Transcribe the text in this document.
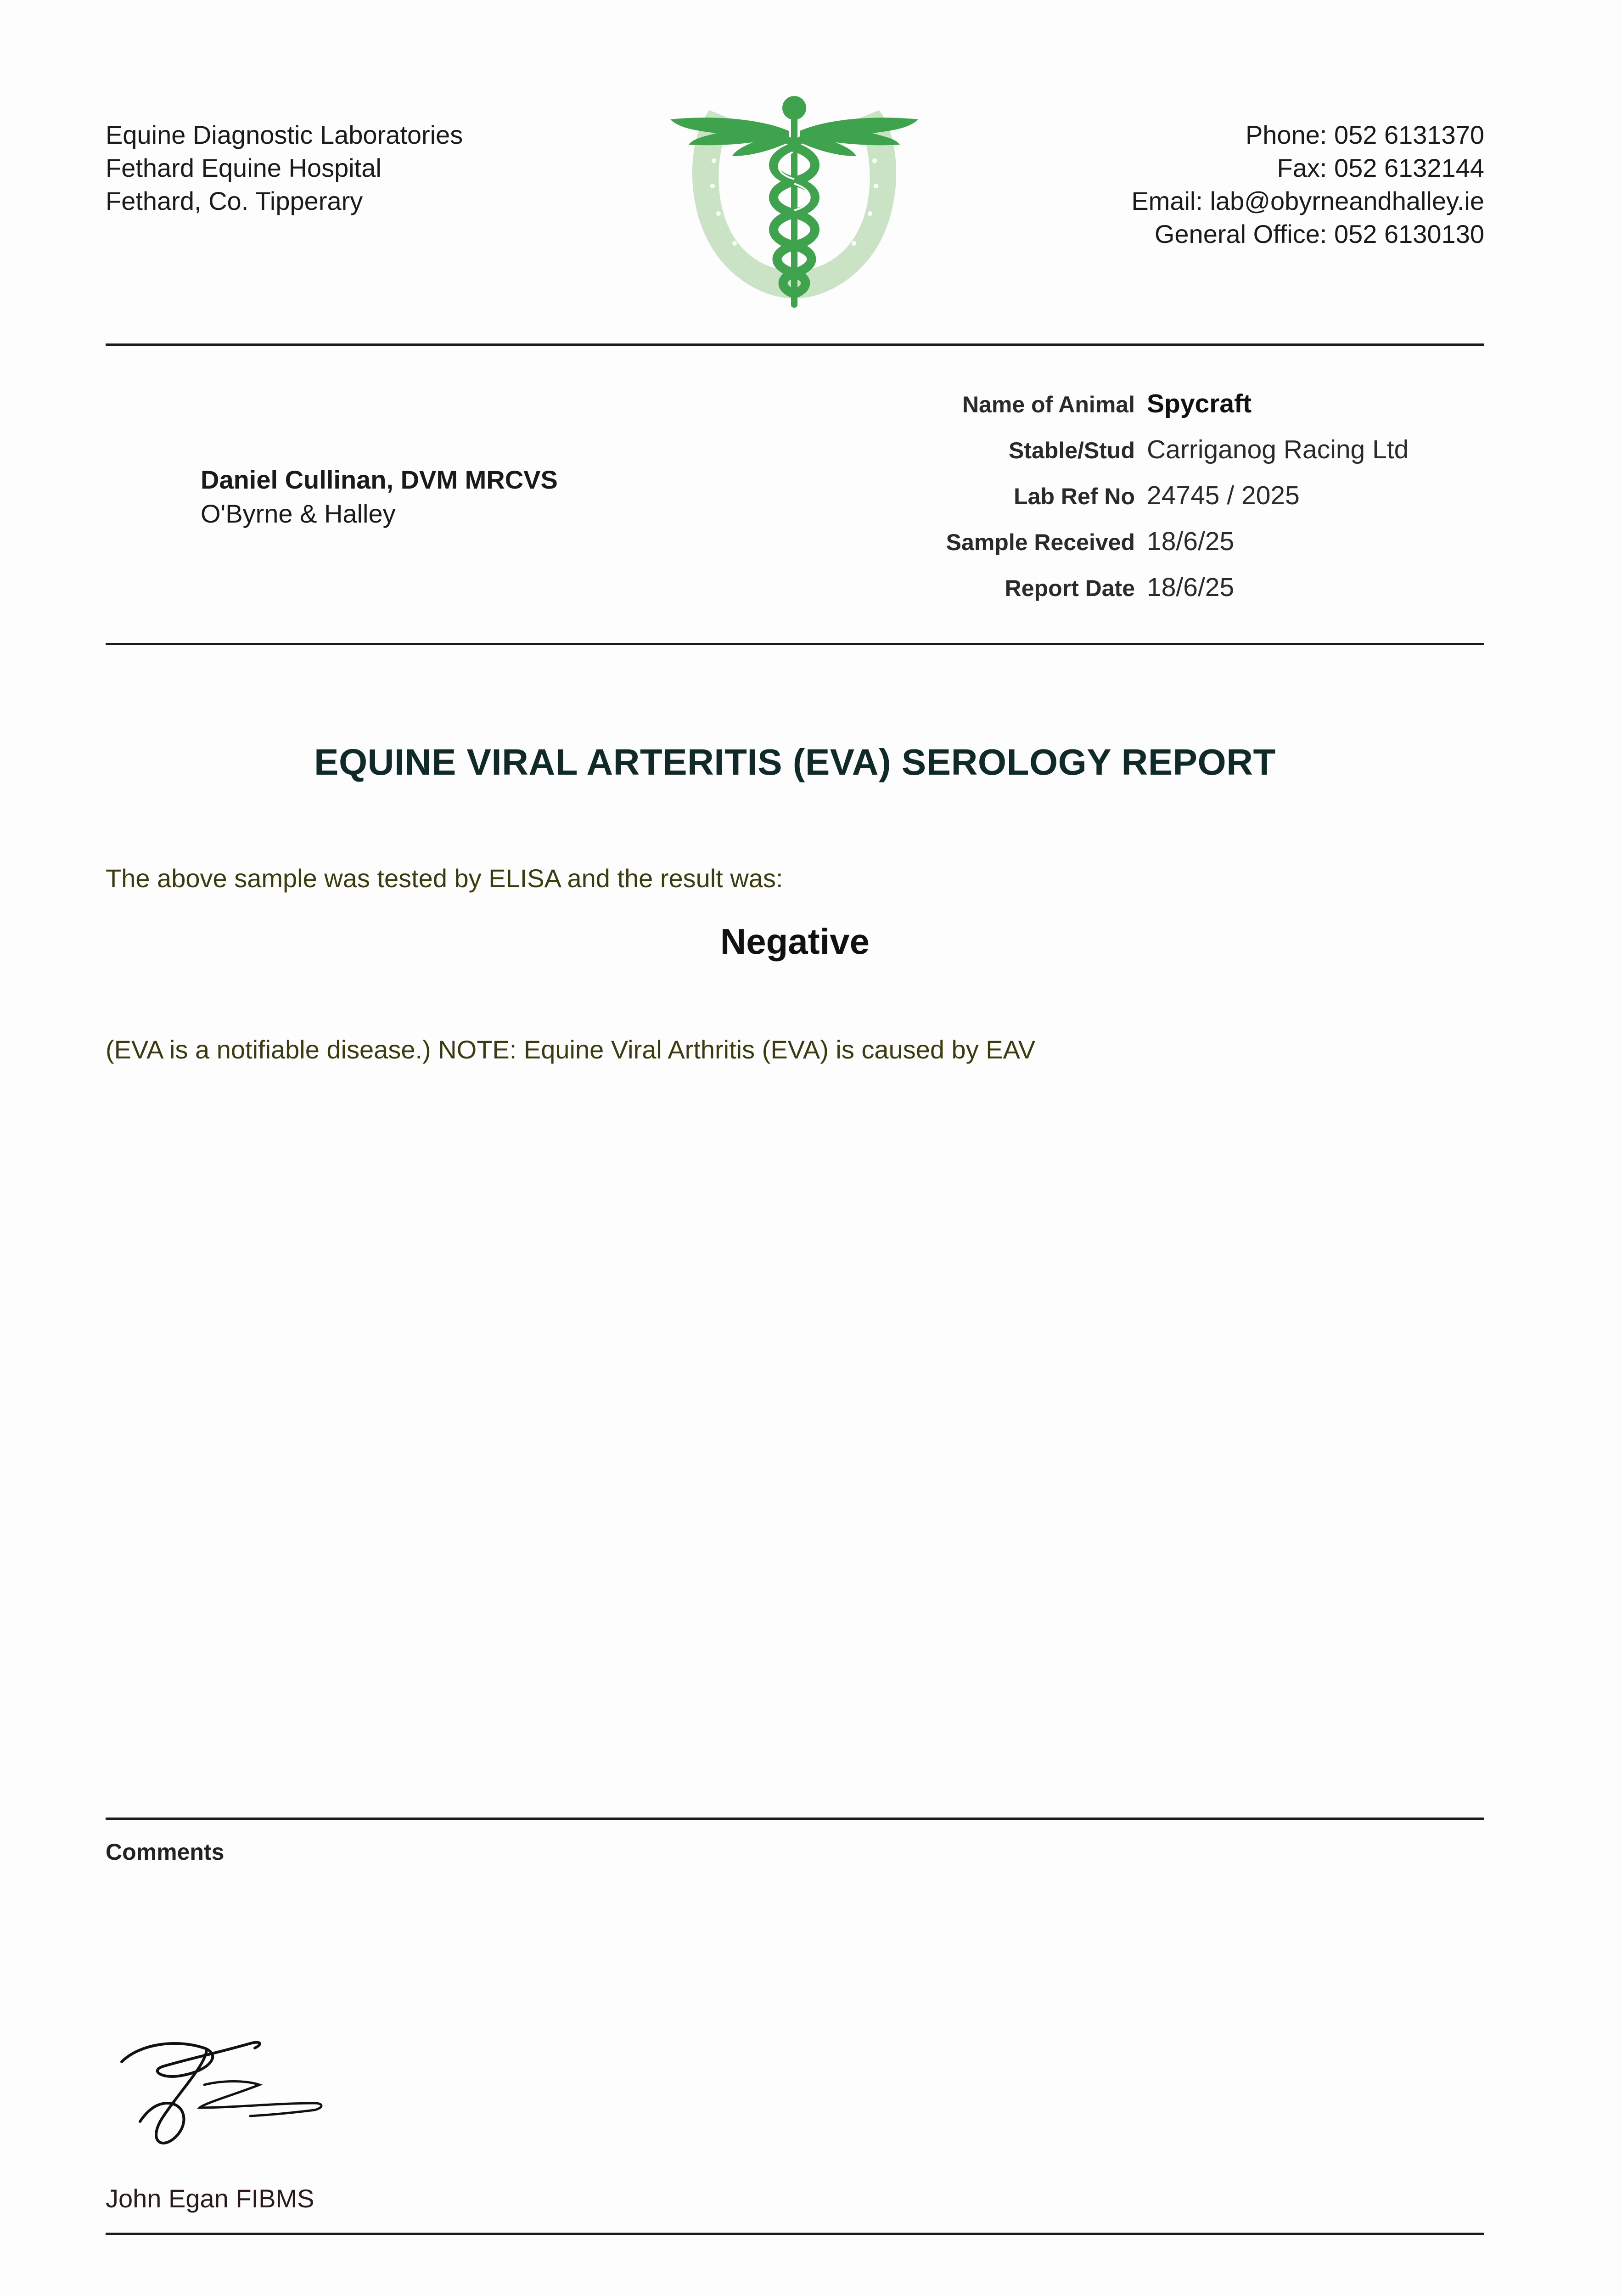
Equine Diagnostic Laboratories
Fethard Equine Hospital
Fethard, Co. Tipperary
Phone: 052 6131370
Fax: 052 6132144
Email: lab@obyrneandhalley.ie
General Office: 052 6130130
Daniel Cullinan, DVM MRCVS
O'Byrne & Halley
Name of Animal Spycraft
Stable/Stud Carriganog Racing Ltd
Lab Ref No 24745 / 2025
Sample Received 18/6/25
Report Date 18/6/25
EQUINE VIRAL ARTERITIS (EVA) SEROLOGY REPORT
The above sample was tested by ELISA and the result was:
Negative
(EVA is a notifiable disease.) NOTE: Equine Viral Arthritis (EVA) is caused by EAV
Comments
John Egan FIBMS
